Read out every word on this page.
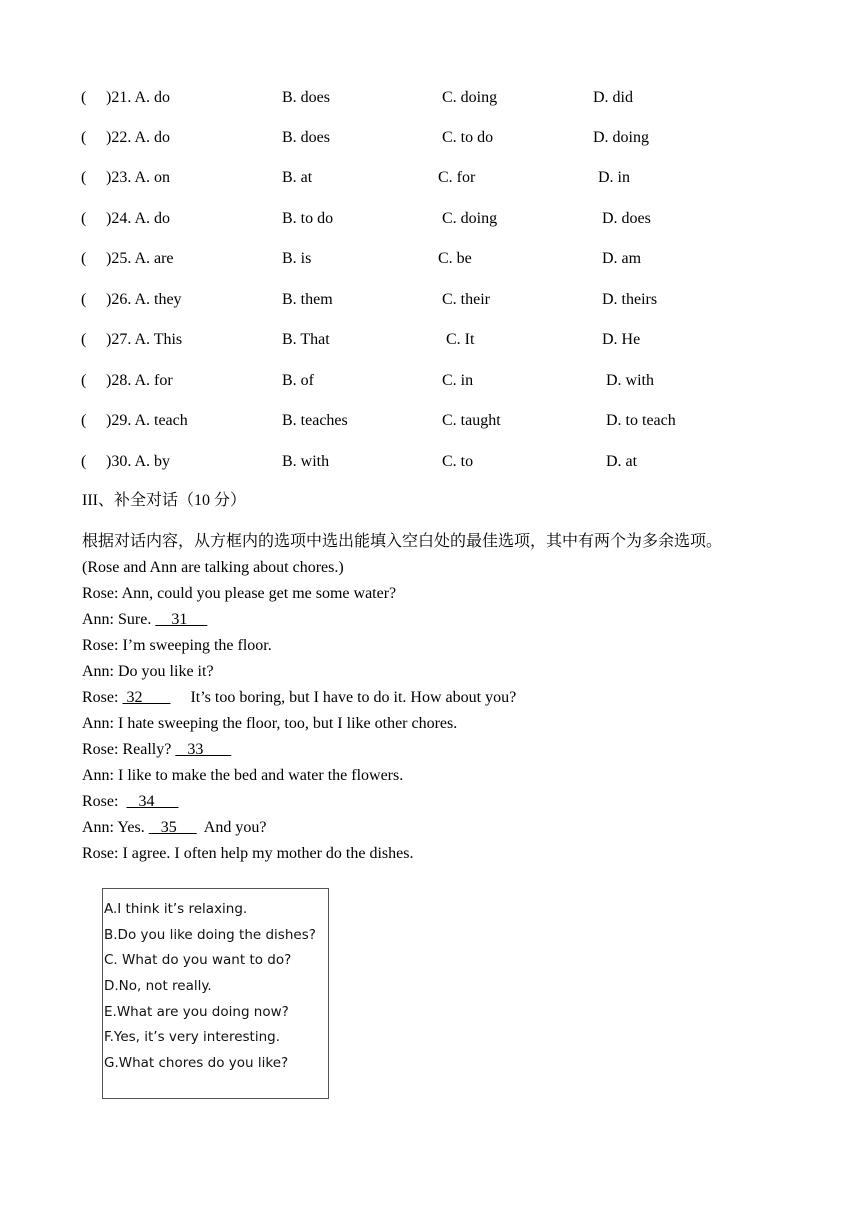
( )21. A. do	B. does	C. doing	D. did
( )22. A. do	B. does	C. to do	D. doing
( )23. A. on	B. at	C. for	D. in
( )24. A. do	B. to do	C. doing	D. does
( )25. A. are	B. is	C. be	D. am
( )26. A. they	B. them	C. their	D. theirs
( )27. A. This	B. That	C. It	D. He
( )28. A. for	B. of	C. in	D. with
( )29. A. teach	B. teaches	C. taught	D. to teach
( )30. A. by	B. with	C. to	D. at
III、补全对话（10 分）
根据对话内容，从方框内的选项中选出能填入空白处的最佳选项，其中有两个为多余选项。
(Rose and Ann are talking about chores.)
Rose: Ann, could you please get me some water?
Ann: Sure.     31
Rose: I’m sweeping the floor.
Ann: Do you like it?
Rose:  32            It’s too boring, but I have to do it. How about you?
Ann: I hate sweeping the floor, too, but I like other chores.
Rose: Really?    33
Ann: I like to make the bed and water the flowers.
Rose:     34
Ann: Yes.    35       And you?
Rose: I agree. I often help my mother do the dishes.
A.I think it’s relaxing.
B.Do you like doing the dishes?
C. What do you want to do?
D.No, not really.
E.What are you doing now?
F.Yes, it’s very interesting.
G.What chores do you like?
